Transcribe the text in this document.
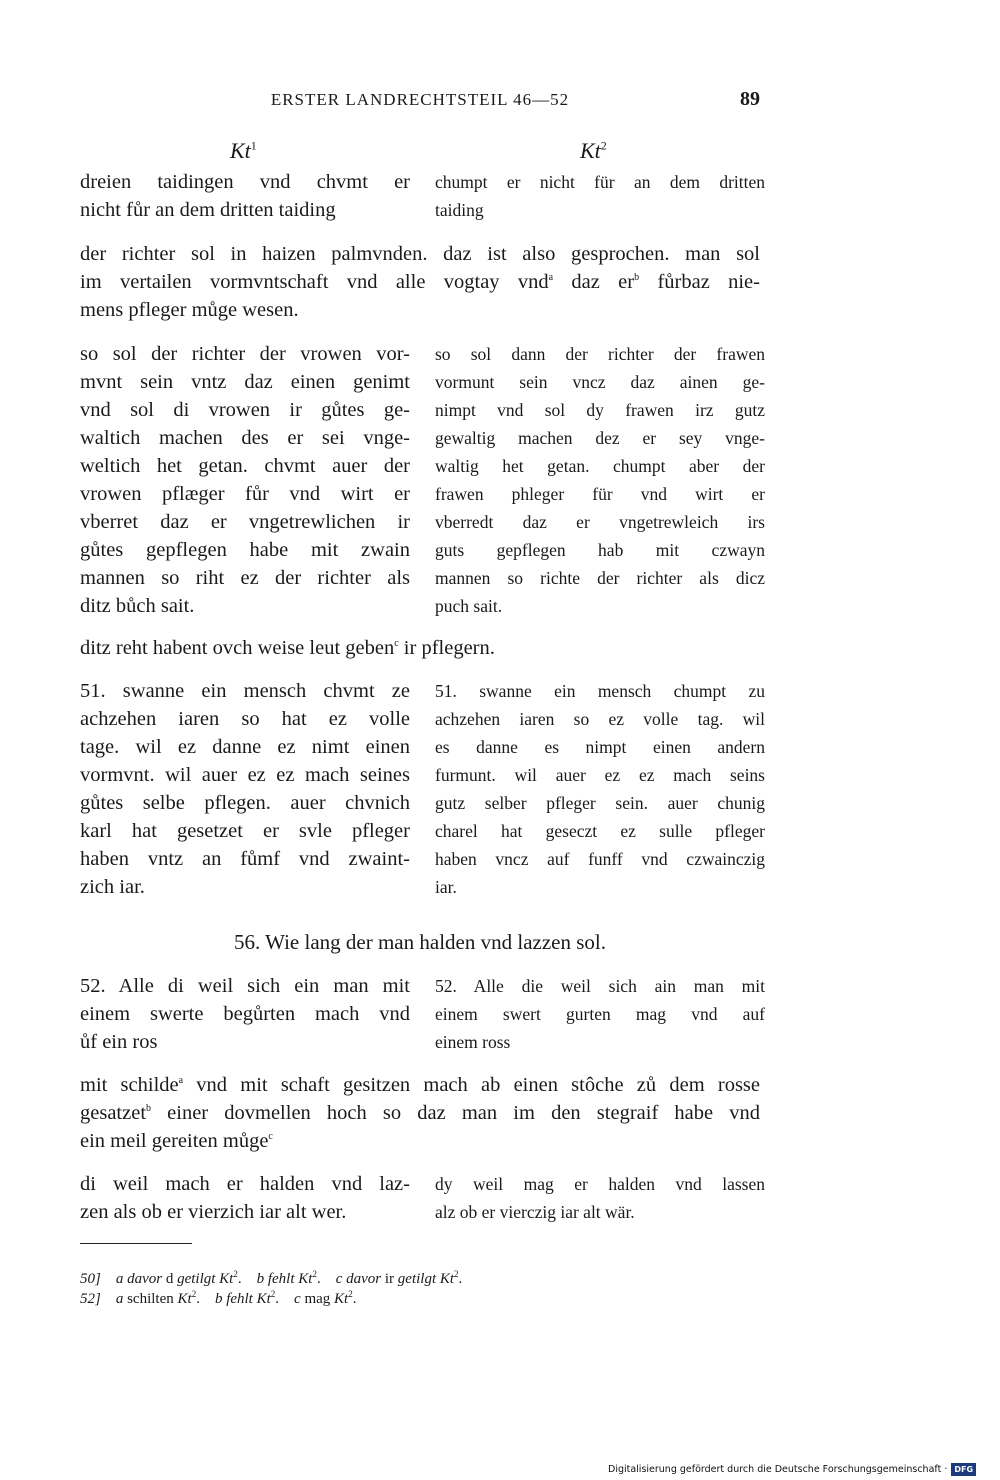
ERSTER LANDRECHTSTEIL 46—52	89
Kt$^1$	Kt$^2$
dreien taidingen vnd chvmt er
nicht fůr an dem dritten taiding
chumpt er nicht für an dem dritten
taiding
der richter sol in haizen palmvnden. daz ist also gesprochen. man sol
im vertailen vormvntschaft vnd alle vogtay vnd$^a$ daz $er^b$ fůrbaz nie-
mens pfleger můge wesen.
so sol der richter der vrowen vor-
mvnt sein vntz daz einen genimt
vnd sol di vrowen ir gůtes ge-
waltich machen des er sei vnge-
weltich het getan. chvmt auer der
vrowen pflæger fůr vnd wirt er
vberret daz er vngetrewlichen ir
gůtes gepflegen habe mit zwain
mannen so riht ez der richter als
ditz bůch sait.
so sol dann der richter der frawen
vormunt sein vncz daz ainen ge-
nimpt vnd sol dy frawen irz gutz
gewaltig machen dez er sey vnge-
waltig het getan. chumpt aber der
frawen phleger für vnd wirt er
vberredt daz er vngetrewleich irs
guts gepflegen hab mit czwayn
mannen so richte der richter als dicz
puch sait.
ditz reht habent ovch weise leut geben$^c$ ir pflegern.
51. swanne ein mensch chvmt ze
achzehen iaren so hat ez volle
tage. wil ez danne ez nimt einen
vormvnt. wil auer ez ez mach seines
gůtes selbe pflegen. auer chvnich
karl hat gesetzet er svle pfleger
haben vntz an fůmf vnd zwaint-
zich iar.
51. swanne ein mensch chumpt zu
achzehen iaren so ez volle tag. wil
es danne es nimpt einen andern
furmunt. wil auer ez ez mach seins
gutz selber pfleger sein. auer chunig
charel hat geseczt ez sulle pfleger
haben vncz auf funff vnd czwainczig
iar.
56. Wie lang der man halden vnd lazzen sol.
52. Alle di weil sich ein man mit
einem swerte begůrten mach vnd
ůf ein ros
52. Alle die weil sich ain man mit
einem swert gurten mag vnd auf
einem ross
mit schilde$^a$ vnd mit schaft gesitzen mach ab einen stôche zů dem rosse
gesatzet$^b$ einer dovmellen hoch so daz man im den stegraif habe vnd
ein meil gereiten můge$^c$
di weil mach er halden vnd laz-
zen als ob er vierzich iar alt wer.
dy weil mag er halden vnd lassen
alz ob er vierczig iar alt wär.
50] a davor d getilgt Kt$^2$. b fehlt Kt$^2$. c davor ir getilgt Kt$^2$.
52] a schilten Kt$^2$. b fehlt Kt$^2$. c mag Kt$^2$.
Digitalisierung gefördert durch die Deutsche Forschungsgemeinschaft · DFG
